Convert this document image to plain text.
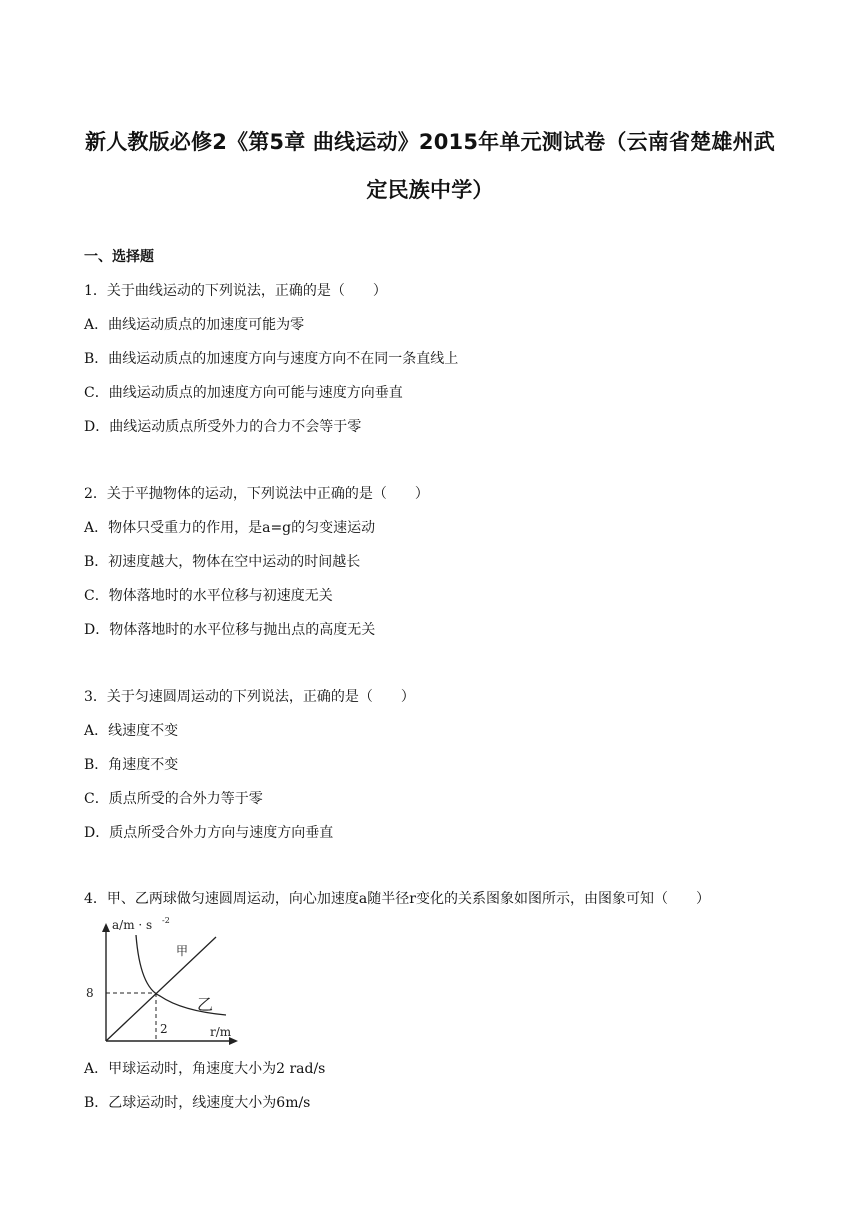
新人教版必修2《第5章 曲线运动》2015年单元测试卷（云南省楚雄州武
定民族中学）
一、选择题
1．关于曲线运动的下列说法，正确的是（　　）
A．曲线运动质点的加速度可能为零
B．曲线运动质点的加速度方向与速度方向不在同一条直线上
C．曲线运动质点的加速度方向可能与速度方向垂直
D．曲线运动质点所受外力的合力不会等于零
2．关于平抛物体的运动，下列说法中正确的是（　　）
A．物体只受重力的作用，是a=g的匀变速运动
B．初速度越大，物体在空中运动的时间越长
C．物体落地时的水平位移与初速度无关
D．物体落地时的水平位移与抛出点的高度无关
3．关于匀速圆周运动的下列说法，正确的是（　　）
A．线速度不变
B．角速度不变
C．质点所受的合外力等于零
D．质点所受合外力方向与速度方向垂直
4．甲、乙两球做匀速圆周运动，向心加速度a随半径r变化的关系图象如图所示，由图象可知（　　）
a/m · s -2
r/m
8
2
甲
乙
A．甲球运动时，角速度大小为2 rad/s
B．乙球运动时，线速度大小为6m/s
